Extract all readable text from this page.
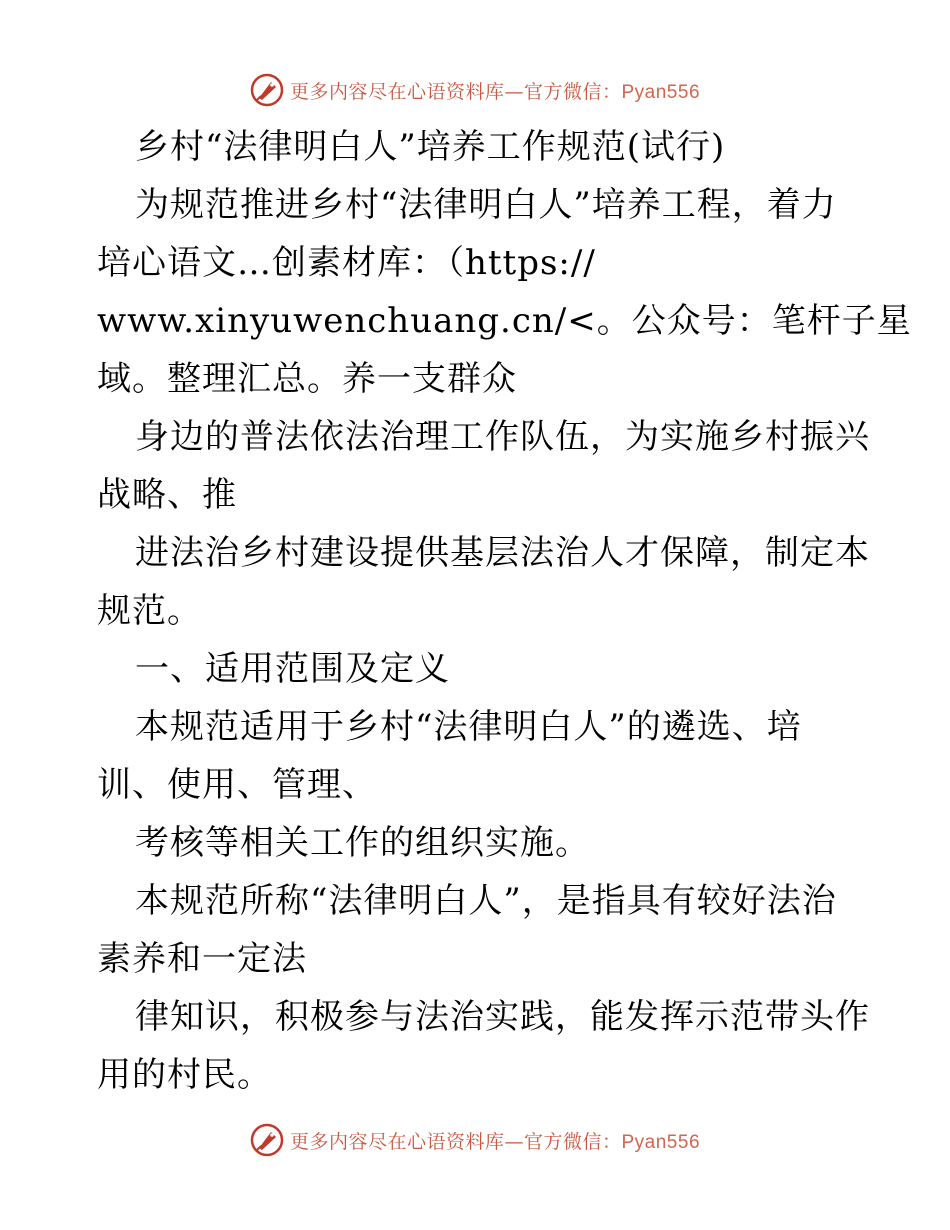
更多内容尽在心语资料库—官方微信：Pyan556
乡村“法律明白人”培养工作规范(试行)
为规范推进乡村“法律明白人”培养工程，着力
培心语文…创素材库：（https://
www.xinyuwenchuang.cn/<。公众号：笔杆子星
域。整理汇总。养一支群众
身边的普法依法治理工作队伍，为实施乡村振兴
战略、推
进法治乡村建设提供基层法治人才保障，制定本
规范。
一、适用范围及定义
本规范适用于乡村“法律明白人”的遴选、培
训、使用、管理、
考核等相关工作的组织实施。
本规范所称“法律明白人”，是指具有较好法治
素养和一定法
律知识，积极参与法治实践，能发挥示范带头作
用的村民。
更多内容尽在心语资料库—官方微信：Pyan556
